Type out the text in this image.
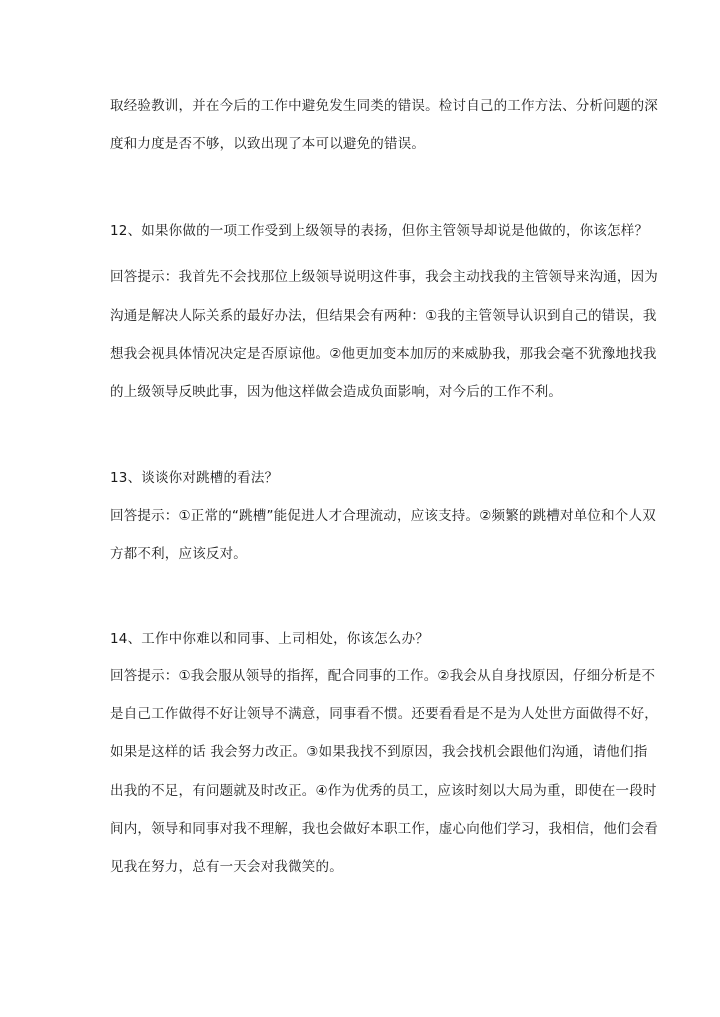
取经验教训，并在今后的工作中避免发生同类的错误。检讨自己的工作方法、分析问题的深

度和力度是否不够，以致出现了本可以避免的错误。

12、如果你做的一项工作受到上级领导的表扬，但你主管领导却说是他做的，你该怎样？

回答提示：我首先不会找那位上级领导说明这件事，我会主动找我的主管领导来沟通，因为

沟通是解决人际关系的最好办法，但结果会有两种：①我的主管领导认识到自己的错误，我

想我会视具体情况决定是否原谅他。②他更加变本加厉的来威胁我，那我会毫不犹豫地找我

的上级领导反映此事，因为他这样做会造成负面影响，对今后的工作不利。

13、谈谈你对跳槽的看法？

回答提示：①正常的“跳槽”能促进人才合理流动，应该支持。②频繁的跳槽对单位和个人双

方都不利，应该反对。

14、工作中你难以和同事、上司相处，你该怎么办？

回答提示：①我会服从领导的指挥，配合同事的工作。②我会从自身找原因，仔细分析是不

是自己工作做得不好让领导不满意，同事看不惯。还要看看是不是为人处世方面做得不好，

如果是这样的话 我会努力改正。③如果我找不到原因，我会找机会跟他们沟通，请他们指

出我的不足，有问题就及时改正。④作为优秀的员工，应该时刻以大局为重，即使在一段时

间内，领导和同事对我不理解，我也会做好本职工作，虚心向他们学习，我相信，他们会看

见我在努力，总有一天会对我微笑的。
